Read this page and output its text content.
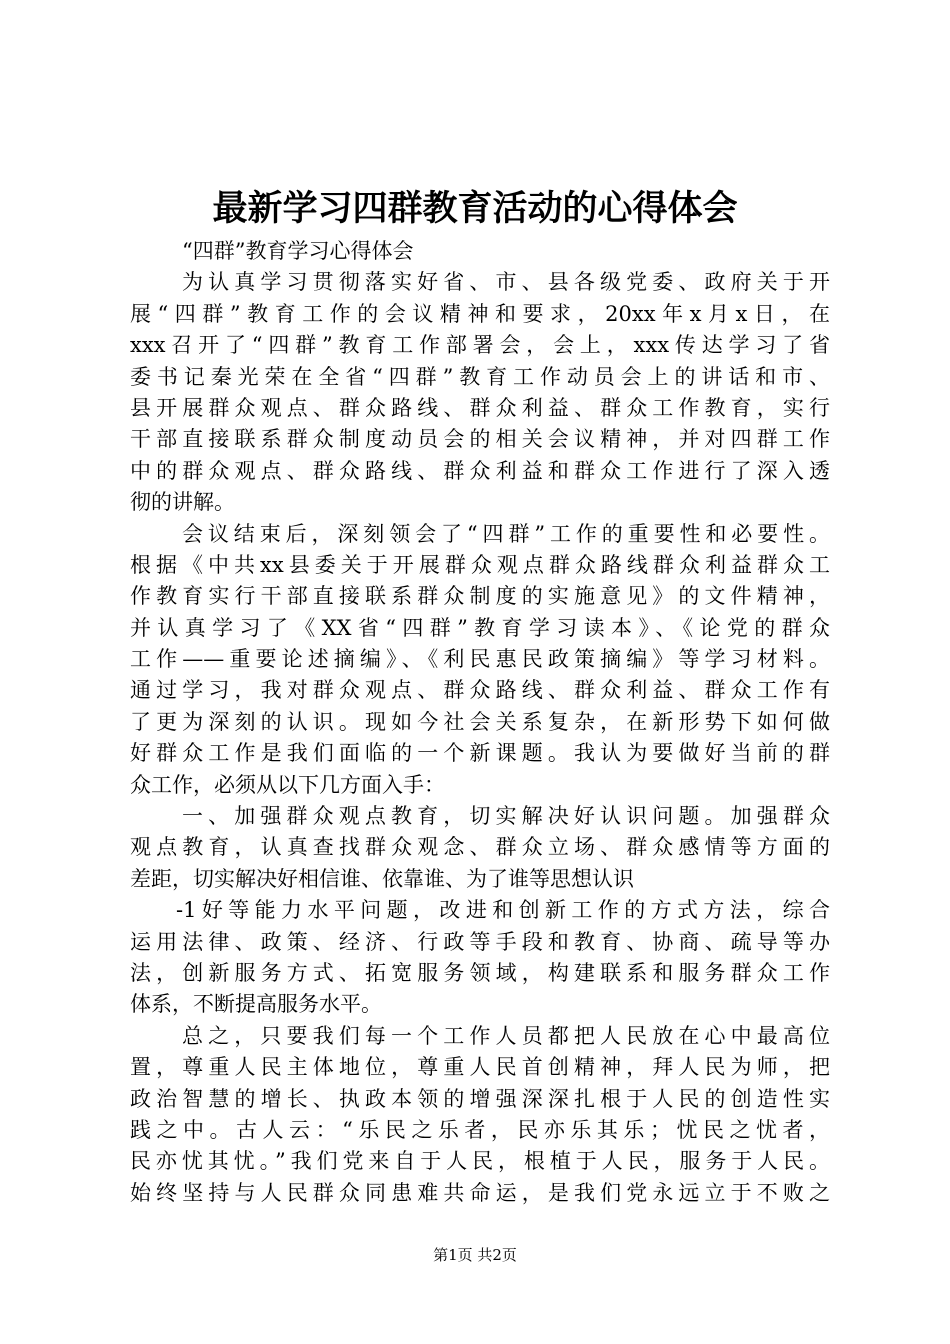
最新学习四群教育活动的心得体会
“四群”教育学习心得体会
为认真学习贯彻落实好省、市、县各级党委、政府关于开
展“四群”教育工作的会议精神和要求，20xx年x月x日，在
xxx召开了“四群”教育工作部署会，会上，xxx传达学习了省
委书记秦光荣在全省“四群”教育工作动员会上的讲话和市、
县开展群众观点、群众路线、群众利益、群众工作教育，实行
干部直接联系群众制度动员会的相关会议精神，并对四群工作
中的群众观点、群众路线、群众利益和群众工作进行了深入透
彻的讲解。
会议结束后，深刻领会了“四群”工作的重要性和必要性。
根据《中共xx县委关于开展群众观点群众路线群众利益群众工
作教育实行干部直接联系群众制度的实施意见》的文件精神，
并认真学习了《XX省“四群”教育学习读本》、《论党的群众
工作——重要论述摘编》、《利民惠民政策摘编》等学习材料。
通过学习，我对群众观点、群众路线、群众利益、群众工作有
了更为深刻的认识。现如今社会关系复杂，在新形势下如何做
好群众工作是我们面临的一个新课题。我认为要做好当前的群
众工作，必须从以下几方面入手：
一、加强群众观点教育，切实解决好认识问题。加强群众
观点教育，认真查找群众观念、群众立场、群众感情等方面的
差距，切实解决好相信谁、依靠谁、为了谁等思想认识
-1好等能力水平问题，改进和创新工作的方式方法，综合
运用法律、政策、经济、行政等手段和教育、协商、疏导等办
法，创新服务方式、拓宽服务领域，构建联系和服务群众工作
体系，不断提高服务水平。
总之，只要我们每一个工作人员都把人民放在心中最高位
置，尊重人民主体地位，尊重人民首创精神，拜人民为师，把
政治智慧的增长、执政本领的增强深深扎根于人民的创造性实
践之中。古人云：“乐民之乐者，民亦乐其乐；忧民之忧者，
民亦忧其忧。”我们党来自于人民，根植于人民，服务于人民。
始终坚持与人民群众同患难共命运，是我们党永远立于不败之
第1页 共2页
